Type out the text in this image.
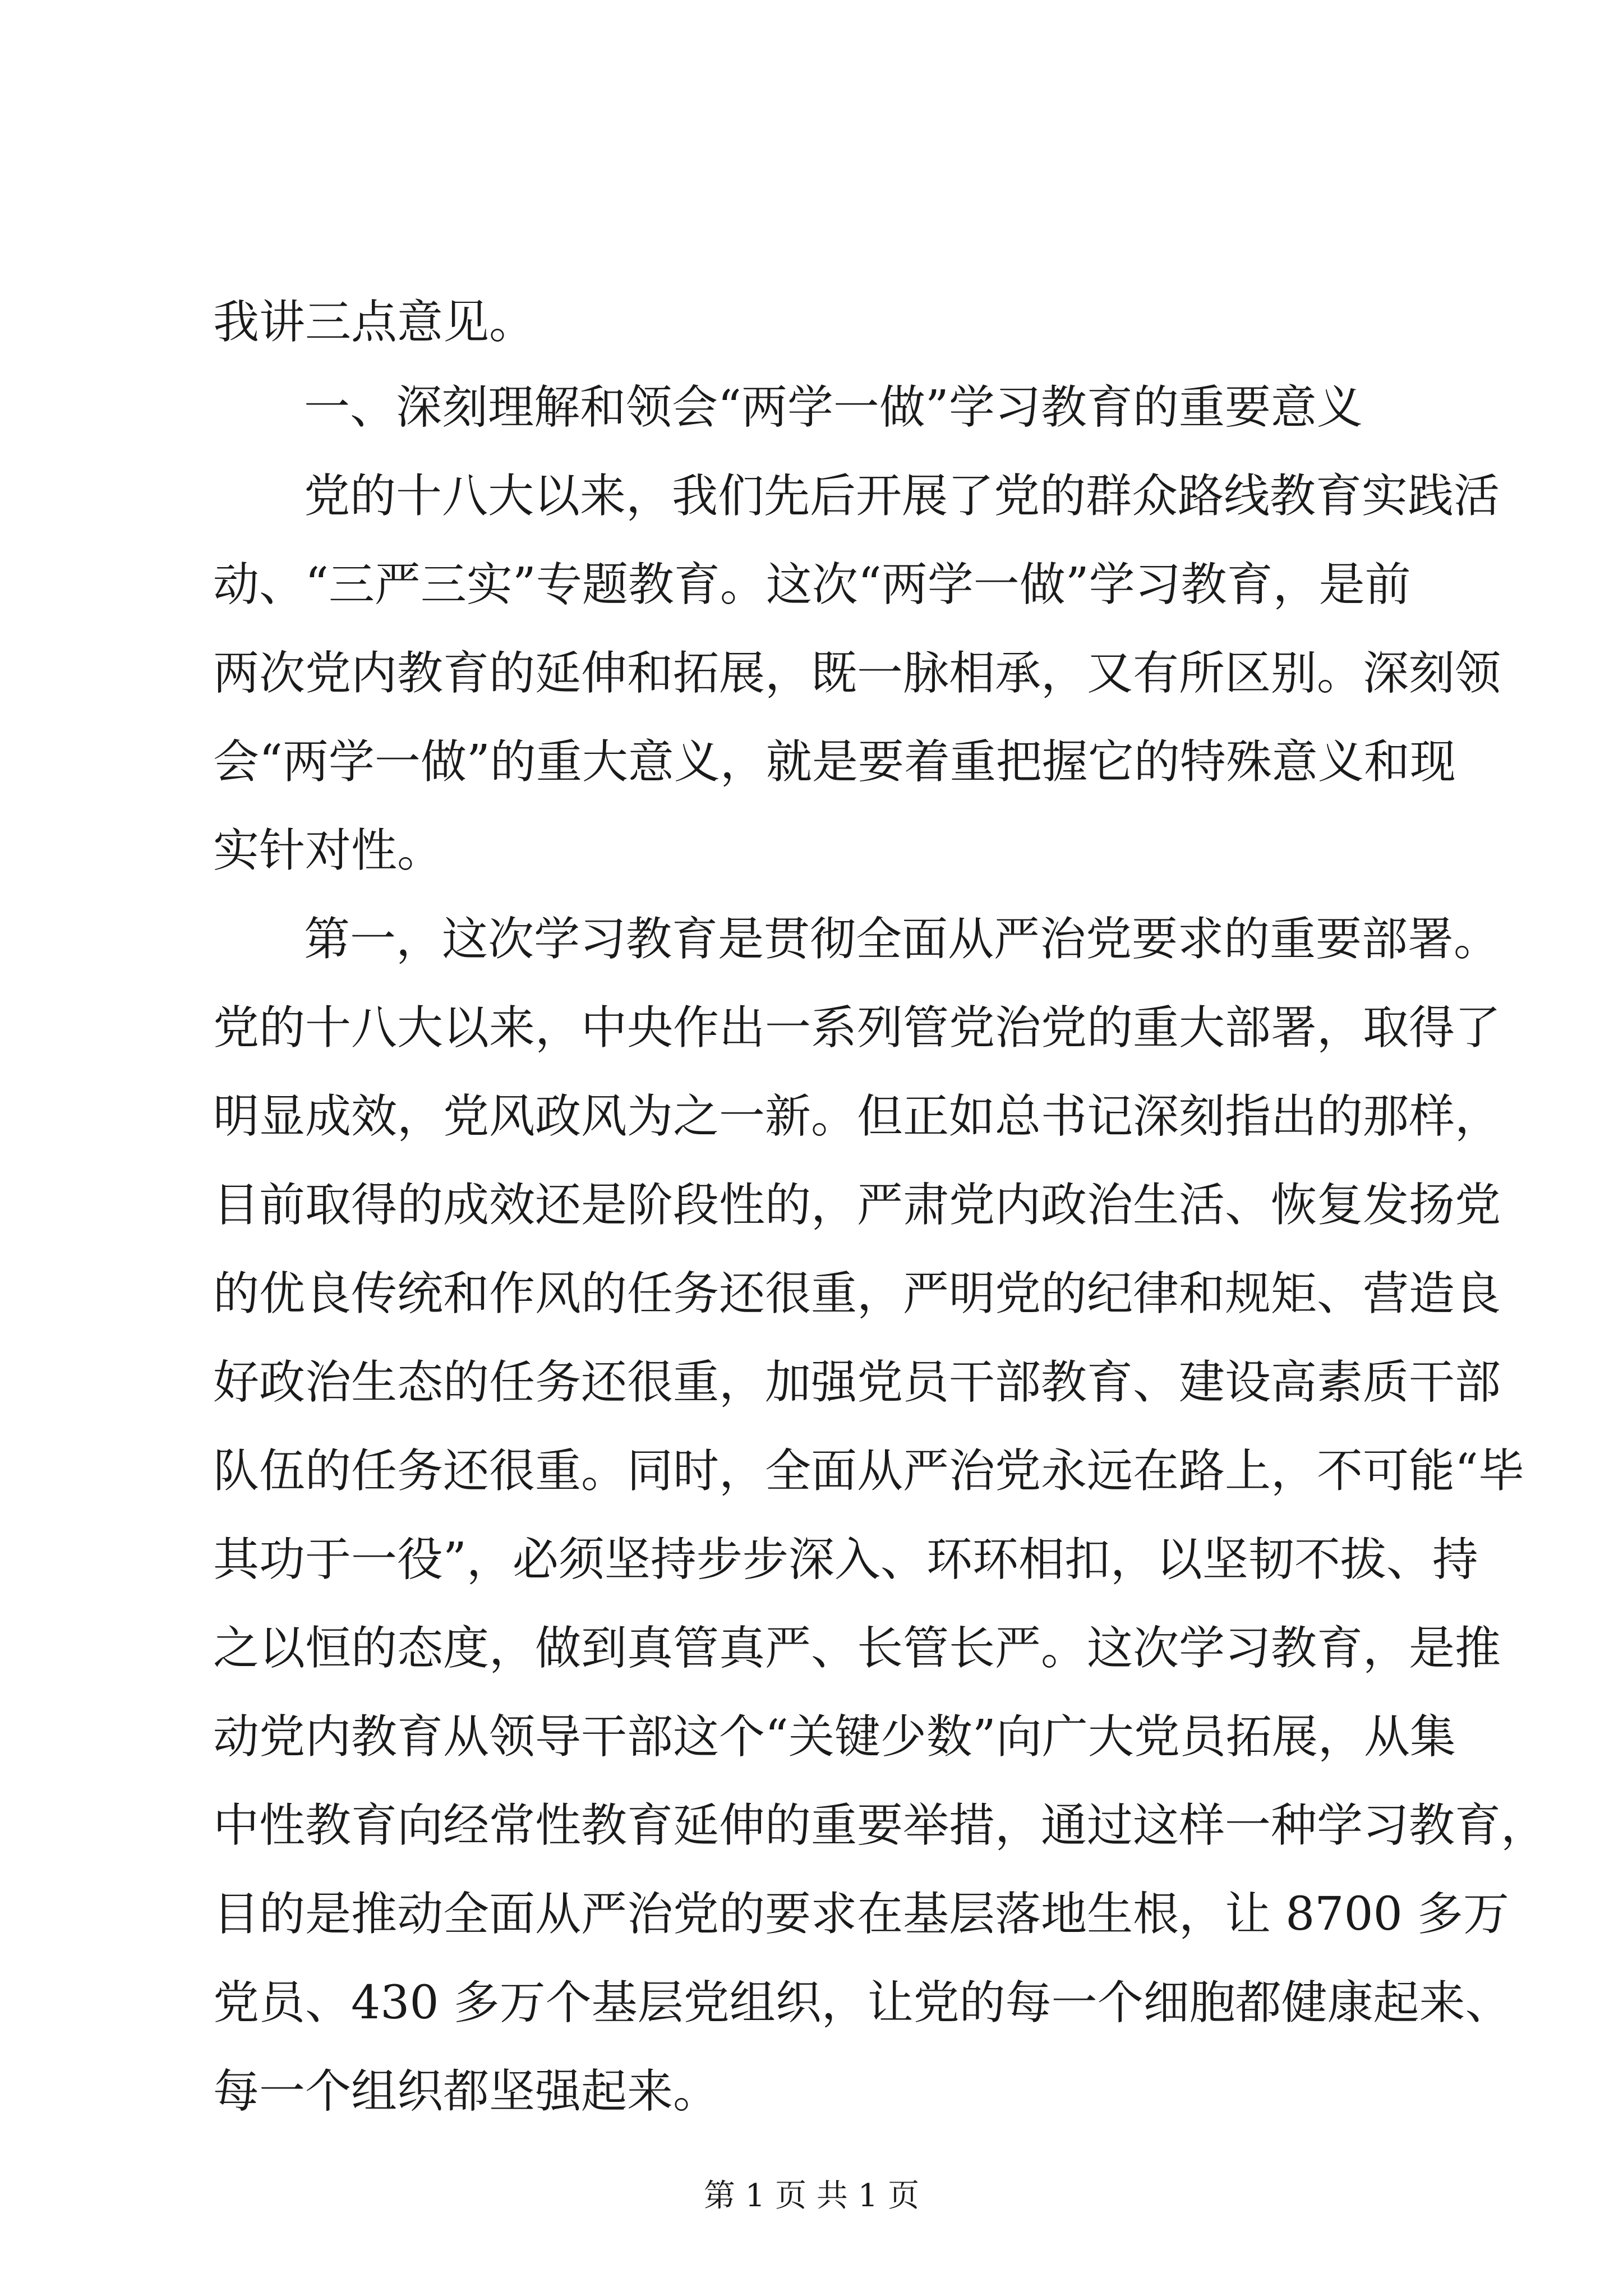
我讲三点意见。
一、深刻理解和领会“两学一做”学习教育的重要意义
党的十八大以来，我们先后开展了党的群众路线教育实践活
动、“三严三实”专题教育。这次“两学一做”学习教育，是前
两次党内教育的延伸和拓展，既一脉相承，又有所区别。深刻领
会“两学一做”的重大意义，就是要着重把握它的特殊意义和现
实针对性。
第一，这次学习教育是贯彻全面从严治党要求的重要部署。
党的十八大以来，中央作出一系列管党治党的重大部署，取得了
明显成效，党风政风为之一新。但正如总书记深刻指出的那样，
目前取得的成效还是阶段性的，严肃党内政治生活、恢复发扬党
的优良传统和作风的任务还很重，严明党的纪律和规矩、营造良
好政治生态的任务还很重，加强党员干部教育、建设高素质干部
队伍的任务还很重。同时，全面从严治党永远在路上，不可能“毕
其功于一役”，必须坚持步步深入、环环相扣，以坚韧不拔、持
之以恒的态度，做到真管真严、长管长严。这次学习教育，是推
动党内教育从领导干部这个“关键少数”向广大党员拓展，从集
中性教育向经常性教育延伸的重要举措，通过这样一种学习教育，
目的是推动全面从严治党的要求在基层落地生根，让 8700 多万
党员、430 多万个基层党组织，让党的每一个细胞都健康起来、
每一个组织都坚强起来。
第 1 页 共 1 页
